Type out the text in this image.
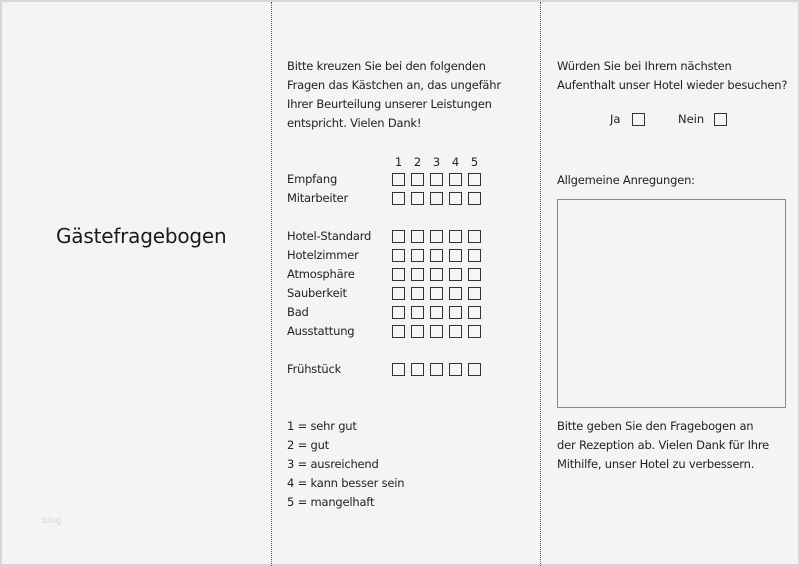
Gästefragebogen
blog
Bitte kreuzen Sie bei den folgenden
Fragen das Kästchen an, das ungefähr
Ihrer Beurteilung unserer Leistungen
entspricht. Vielen Dank!
1 2 3 4 5
Empfang
Mitarbeiter
Hotel-Standard
Hotelzimmer
Atmosphäre
Sauberkeit
Bad
Ausstattung
Frühstück
1 = sehr gut
2 = gut
3 = ausreichend
4 = kann besser sein
5 = mangelhaft
Würden Sie bei Ihrem nächsten
Aufenthalt unser Hotel wieder besuchen?
Ja	Nein
Allgemeine Anregungen:
Bitte geben Sie den Fragebogen an
der Rezeption ab. Vielen Dank für Ihre
Mithilfe, unser Hotel zu verbessern.
